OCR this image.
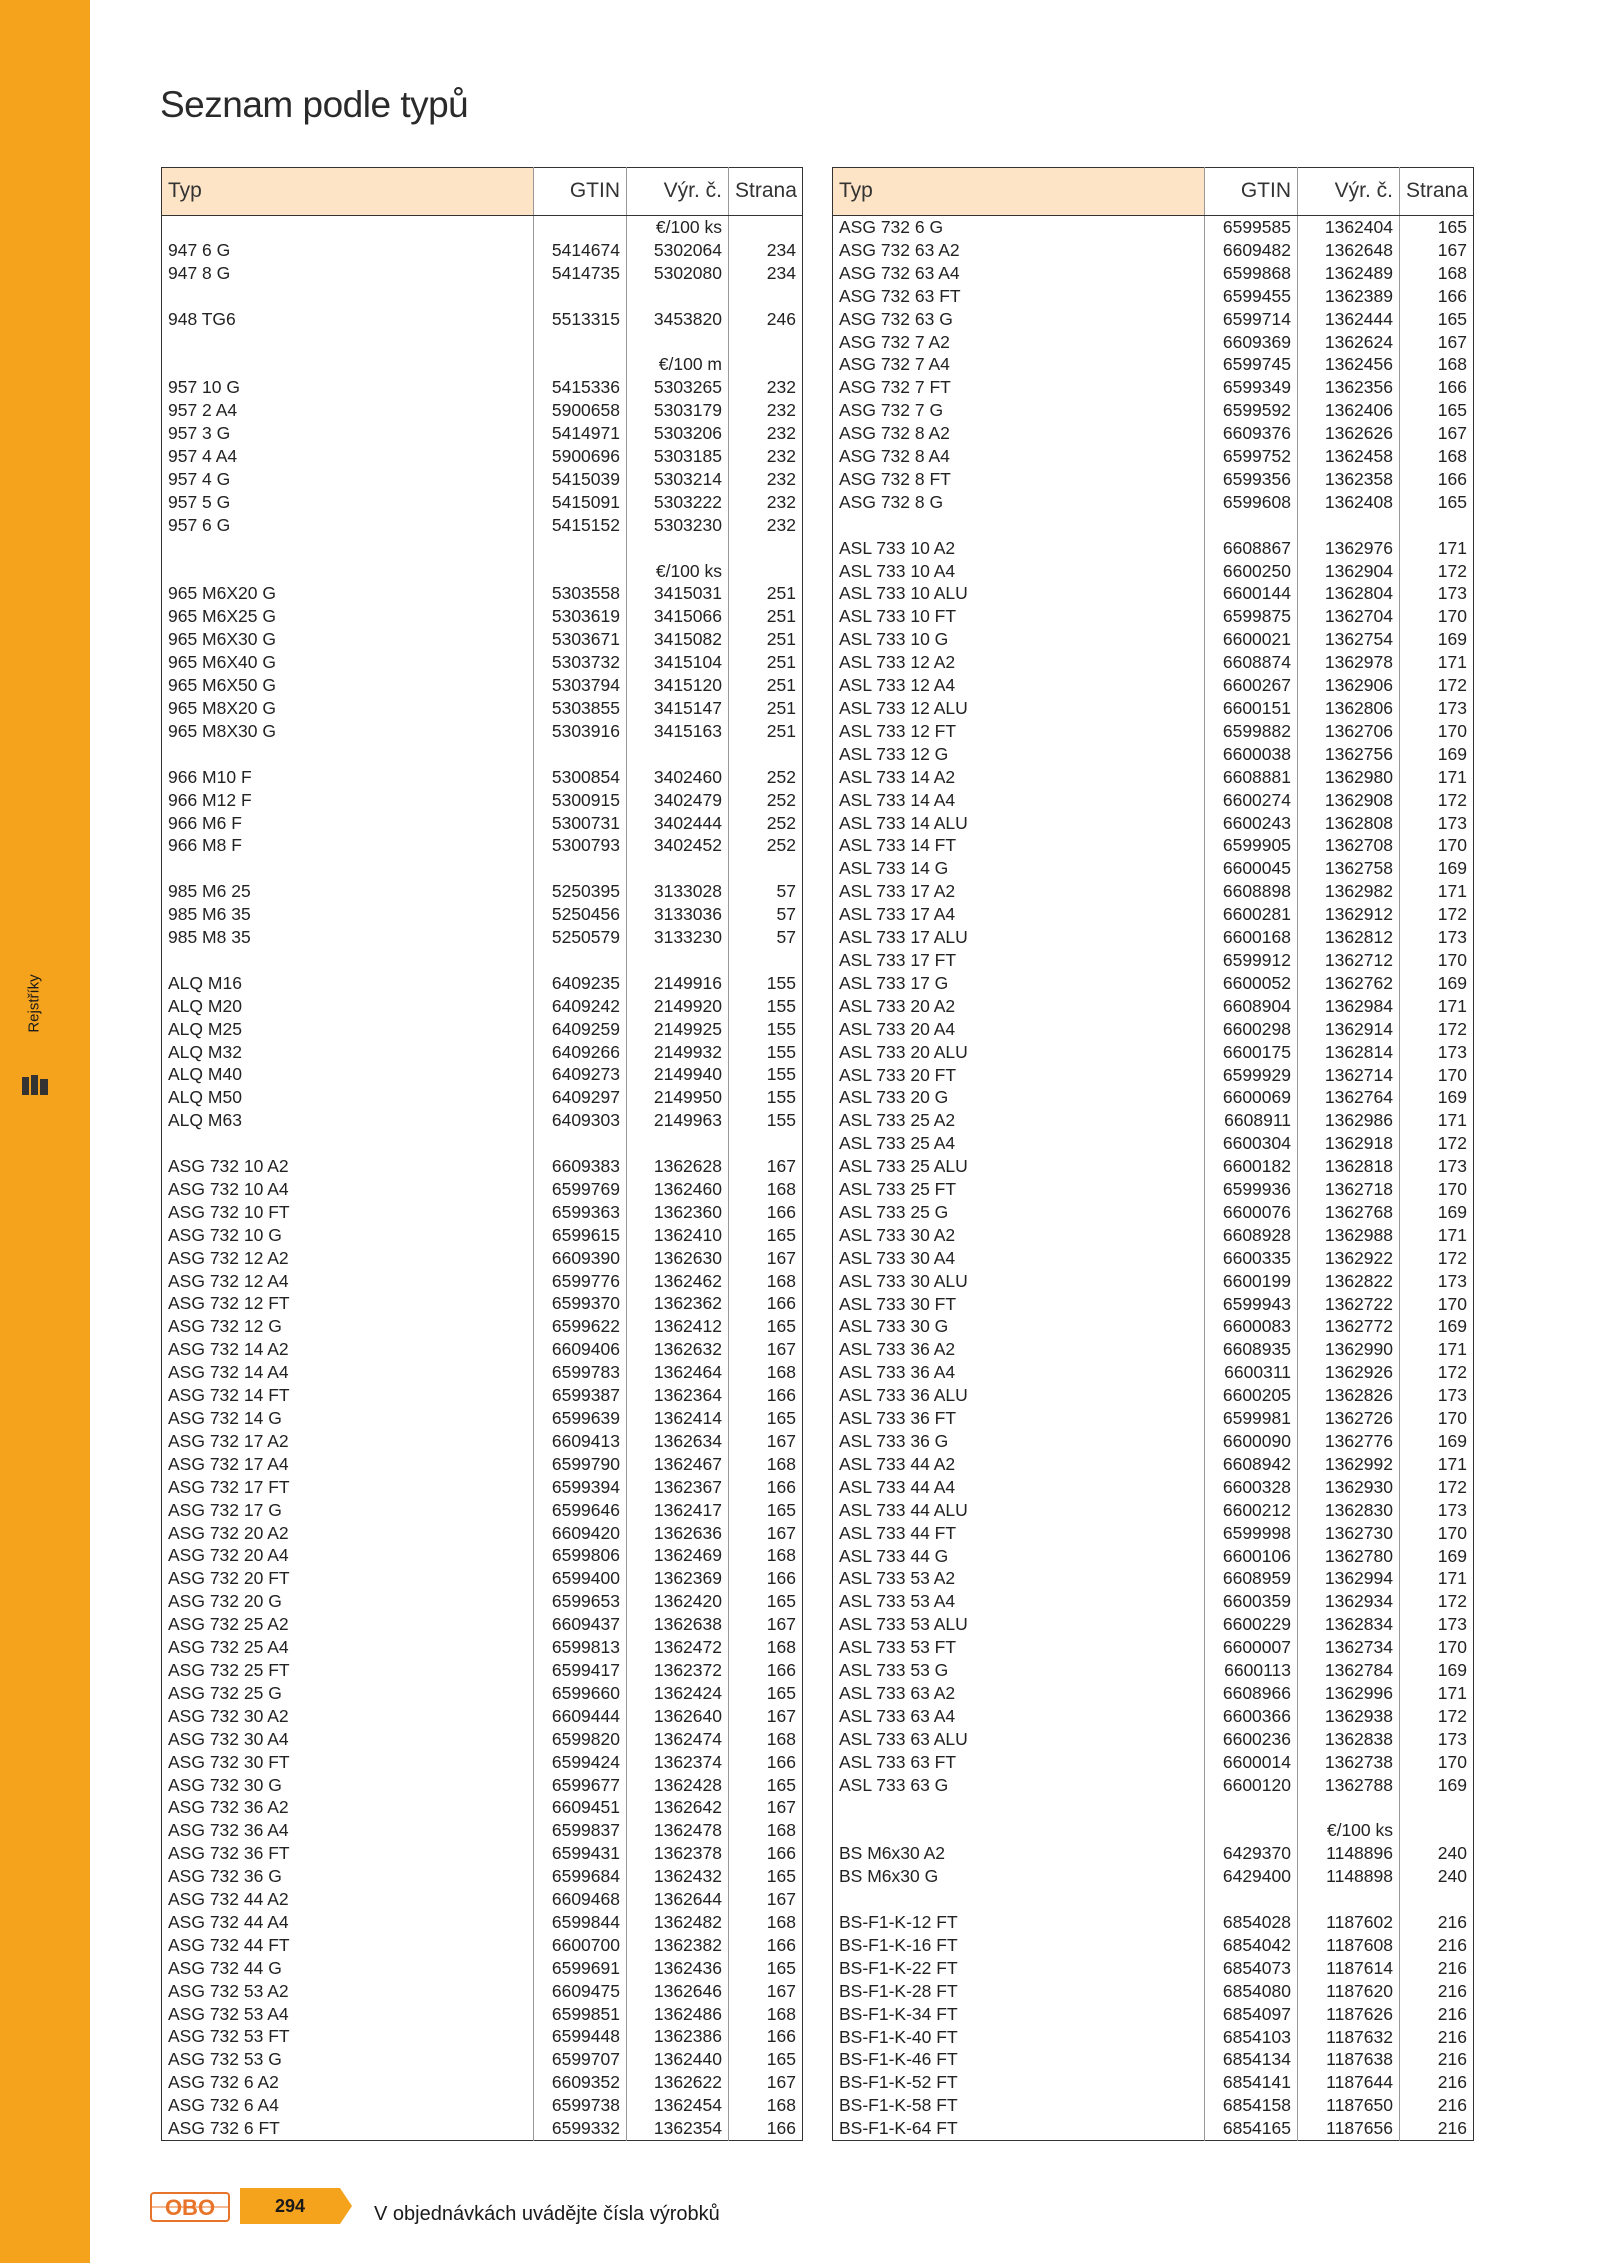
Rejstříky
Seznam podle typů
Typ	GTIN	Výr. č.	Strana
		€/100 ks	
947 6 G	5414674	5302064	234
947 8 G	5414735	5302080	234

948 TG6	5513315	3453820	246

		€/100 m	
957 10 G	5415336	5303265	232
957 2 A4	5900658	5303179	232
957 3 G	5414971	5303206	232
957 4 A4	5900696	5303185	232
957 4 G	5415039	5303214	232
957 5 G	5415091	5303222	232
957 6 G	5415152	5303230	232

		€/100 ks	
965 M6X20 G	5303558	3415031	251
965 M6X25 G	5303619	3415066	251
965 M6X30 G	5303671	3415082	251
965 M6X40 G	5303732	3415104	251
965 M6X50 G	5303794	3415120	251
965 M8X20 G	5303855	3415147	251
965 M8X30 G	5303916	3415163	251

966 M10 F	5300854	3402460	252
966 M12 F	5300915	3402479	252
966 M6 F	5300731	3402444	252
966 M8 F	5300793	3402452	252

985 M6 25	5250395	3133028	57
985 M6 35	5250456	3133036	57
985 M8 35	5250579	3133230	57

ALQ M16	6409235	2149916	155
ALQ M20	6409242	2149920	155
ALQ M25	6409259	2149925	155
ALQ M32	6409266	2149932	155
ALQ M40	6409273	2149940	155
ALQ M50	6409297	2149950	155
ALQ M63	6409303	2149963	155

ASG 732 10 A2	6609383	1362628	167
ASG 732 10 A4	6599769	1362460	168
ASG 732 10 FT	6599363	1362360	166
ASG 732 10 G	6599615	1362410	165
ASG 732 12 A2	6609390	1362630	167
ASG 732 12 A4	6599776	1362462	168
ASG 732 12 FT	6599370	1362362	166
ASG 732 12 G	6599622	1362412	165
ASG 732 14 A2	6609406	1362632	167
ASG 732 14 A4	6599783	1362464	168
ASG 732 14 FT	6599387	1362364	166
ASG 732 14 G	6599639	1362414	165
ASG 732 17 A2	6609413	1362634	167
ASG 732 17 A4	6599790	1362467	168
ASG 732 17 FT	6599394	1362367	166
ASG 732 17 G	6599646	1362417	165
ASG 732 20 A2	6609420	1362636	167
ASG 732 20 A4	6599806	1362469	168
ASG 732 20 FT	6599400	1362369	166
ASG 732 20 G	6599653	1362420	165
ASG 732 25 A2	6609437	1362638	167
ASG 732 25 A4	6599813	1362472	168
ASG 732 25 FT	6599417	1362372	166
ASG 732 25 G	6599660	1362424	165
ASG 732 30 A2	6609444	1362640	167
ASG 732 30 A4	6599820	1362474	168
ASG 732 30 FT	6599424	1362374	166
ASG 732 30 G	6599677	1362428	165
ASG 732 36 A2	6609451	1362642	167
ASG 732 36 A4	6599837	1362478	168
ASG 732 36 FT	6599431	1362378	166
ASG 732 36 G	6599684	1362432	165
ASG 732 44 A2	6609468	1362644	167
ASG 732 44 A4	6599844	1362482	168
ASG 732 44 FT	6600700	1362382	166
ASG 732 44 G	6599691	1362436	165
ASG 732 53 A2	6609475	1362646	167
ASG 732 53 A4	6599851	1362486	168
ASG 732 53 FT	6599448	1362386	166
ASG 732 53 G	6599707	1362440	165
ASG 732 6 A2	6609352	1362622	167
ASG 732 6 A4	6599738	1362454	168
ASG 732 6 FT	6599332	1362354	166

Typ	GTIN	Výr. č.	Strana
ASG 732 6 G	6599585	1362404	165
ASG 732 63 A2	6609482	1362648	167
ASG 732 63 A4	6599868	1362489	168
ASG 732 63 FT	6599455	1362389	166
ASG 732 63 G	6599714	1362444	165
ASG 732 7 A2	6609369	1362624	167
ASG 732 7 A4	6599745	1362456	168
ASG 732 7 FT	6599349	1362356	166
ASG 732 7 G	6599592	1362406	165
ASG 732 8 A2	6609376	1362626	167
ASG 732 8 A4	6599752	1362458	168
ASG 732 8 FT	6599356	1362358	166
ASG 732 8 G	6599608	1362408	165

ASL 733 10 A2	6608867	1362976	171
ASL 733 10 A4	6600250	1362904	172
ASL 733 10 ALU	6600144	1362804	173
ASL 733 10 FT	6599875	1362704	170
ASL 733 10 G	6600021	1362754	169
ASL 733 12 A2	6608874	1362978	171
ASL 733 12 A4	6600267	1362906	172
ASL 733 12 ALU	6600151	1362806	173
ASL 733 12 FT	6599882	1362706	170
ASL 733 12 G	6600038	1362756	169
ASL 733 14 A2	6608881	1362980	171
ASL 733 14 A4	6600274	1362908	172
ASL 733 14 ALU	6600243	1362808	173
ASL 733 14 FT	6599905	1362708	170
ASL 733 14 G	6600045	1362758	169
ASL 733 17 A2	6608898	1362982	171
ASL 733 17 A4	6600281	1362912	172
ASL 733 17 ALU	6600168	1362812	173
ASL 733 17 FT	6599912	1362712	170
ASL 733 17 G	6600052	1362762	169
ASL 733 20 A2	6608904	1362984	171
ASL 733 20 A4	6600298	1362914	172
ASL 733 20 ALU	6600175	1362814	173
ASL 733 20 FT	6599929	1362714	170
ASL 733 20 G	6600069	1362764	169
ASL 733 25 A2	6608911	1362986	171
ASL 733 25 A4	6600304	1362918	172
ASL 733 25 ALU	6600182	1362818	173
ASL 733 25 FT	6599936	1362718	170
ASL 733 25 G	6600076	1362768	169
ASL 733 30 A2	6608928	1362988	171
ASL 733 30 A4	6600335	1362922	172
ASL 733 30 ALU	6600199	1362822	173
ASL 733 30 FT	6599943	1362722	170
ASL 733 30 G	6600083	1362772	169
ASL 733 36 A2	6608935	1362990	171
ASL 733 36 A4	6600311	1362926	172
ASL 733 36 ALU	6600205	1362826	173
ASL 733 36 FT	6599981	1362726	170
ASL 733 36 G	6600090	1362776	169
ASL 733 44 A2	6608942	1362992	171
ASL 733 44 A4	6600328	1362930	172
ASL 733 44 ALU	6600212	1362830	173
ASL 733 44 FT	6599998	1362730	170
ASL 733 44 G	6600106	1362780	169
ASL 733 53 A2	6608959	1362994	171
ASL 733 53 A4	6600359	1362934	172
ASL 733 53 ALU	6600229	1362834	173
ASL 733 53 FT	6600007	1362734	170
ASL 733 53 G	6600113	1362784	169
ASL 733 63 A2	6608966	1362996	171
ASL 733 63 A4	6600366	1362938	172
ASL 733 63 ALU	6600236	1362838	173
ASL 733 63 FT	6600014	1362738	170
ASL 733 63 G	6600120	1362788	169

		€/100 ks	
BS M6x30 A2	6429370	1148896	240
BS M6x30 G	6429400	1148898	240

BS-F1-K-12 FT	6854028	1187602	216
BS-F1-K-16 FT	6854042	1187608	216
BS-F1-K-22 FT	6854073	1187614	216
BS-F1-K-28 FT	6854080	1187620	216
BS-F1-K-34 FT	6854097	1187626	216
BS-F1-K-40 FT	6854103	1187632	216
BS-F1-K-46 FT	6854134	1187638	216
BS-F1-K-52 FT	6854141	1187644	216
BS-F1-K-58 FT	6854158	1187650	216
BS-F1-K-64 FT	6854165	1187656	216

OBO	294	V objednávkách uvádějte čísla výrobků
